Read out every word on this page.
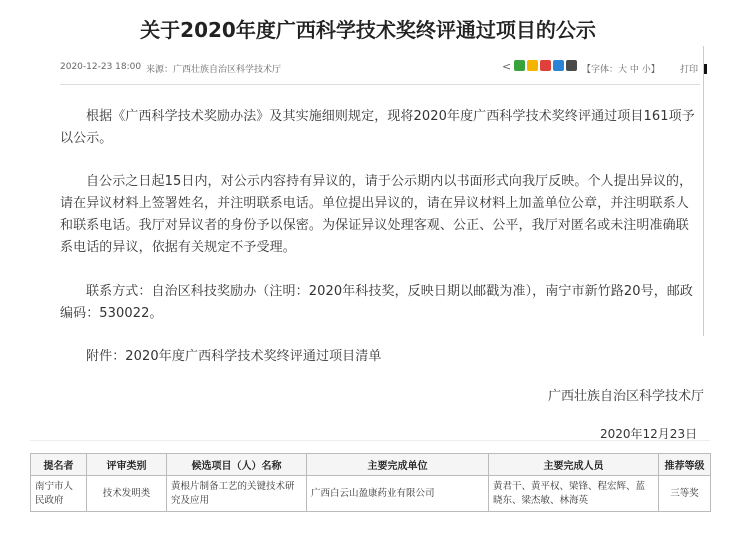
关于2020年度广西科学技术奖终评通过项目的公示
2020-12-23 18:00 来源：广西壮族自治区科学技术厅	<	【字体：大 中 小】 打印
根据《广西科学技术奖励办法》及其实施细则规定，现将2020年度广西科学技术奖终评通过项目161项予以公示。
自公示之日起15日内，对公示内容持有异议的，请于公示期内以书面形式向我厅反映。个人提出异议的，请在异议材料上签署姓名，并注明联系电话。单位提出异议的，请在异议材料上加盖单位公章，并注明联系人和联系电话。我厅对异议者的身份予以保密。为保证异议处理客观、公正、公平，我厅对匿名或未注明准确联系电话的异议，依据有关规定不予受理。
联系方式：自治区科技奖励办（注明：2020年科技奖，反映日期以邮戳为准），南宁市新竹路20号，邮政编码：530022。
附件：2020年度广西科学技术奖终评通过项目清单
广西壮族自治区科学技术厅
2020年12月23日
提名者	评审类别	候选项目（人）名称	主要完成单位	主要完成人员	推荐等级
南宁市人民政府	技术发明类	黄根片制备工艺的关键技术研究及应用	广西白云山盈康药业有限公司	黄君干、黄平权、梁锋、程宏辉、蓝晓东、梁杰敏、林海英	三等奖
